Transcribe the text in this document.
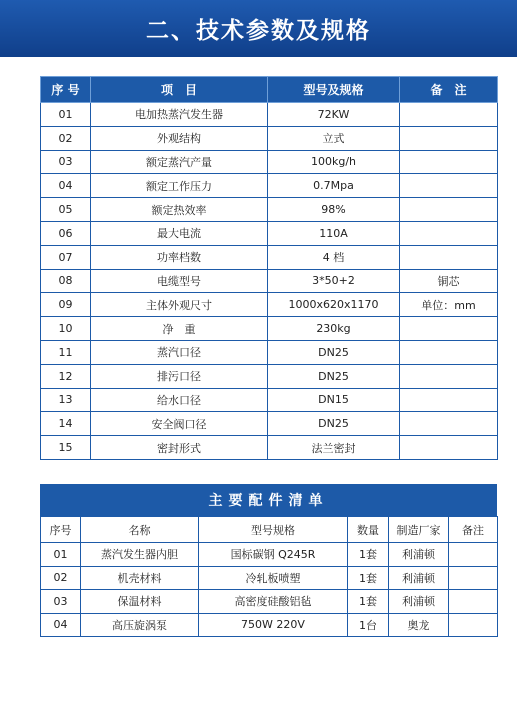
二、技术参数及规格
序 号	项　目	型号及规格	备　注
01	电加热蒸汽发生器	72KW	
02	外观结构	立式	
03	额定蒸汽产量	100kg/h	
04	额定工作压力	0.7Mpa	
05	额定热效率	98%	
06	最大电流	110A	
07	功率档数	4 档	
08	电缆型号	3*50+2	铜芯
09	主体外观尺寸	1000x620x1170	单位：mm
10	净　重	230kg	
11	蒸汽口径	DN25	
12	排污口径	DN25	
13	给水口径	DN15	
14	安全阀口径	DN25	
15	密封形式	法兰密封	
主要配件清单
序号	名称	型号规格	数量	制造厂家	备注
01	蒸汽发生器内胆	国标碳钢 Q245R	1套	利浦顿	
02	机壳材料	冷轧板喷塑	1套	利浦顿	
03	保温材料	高密度硅酸铝毡	1套	利浦顿	
04	高压旋涡泵	750W 220V	1台	奥龙	
